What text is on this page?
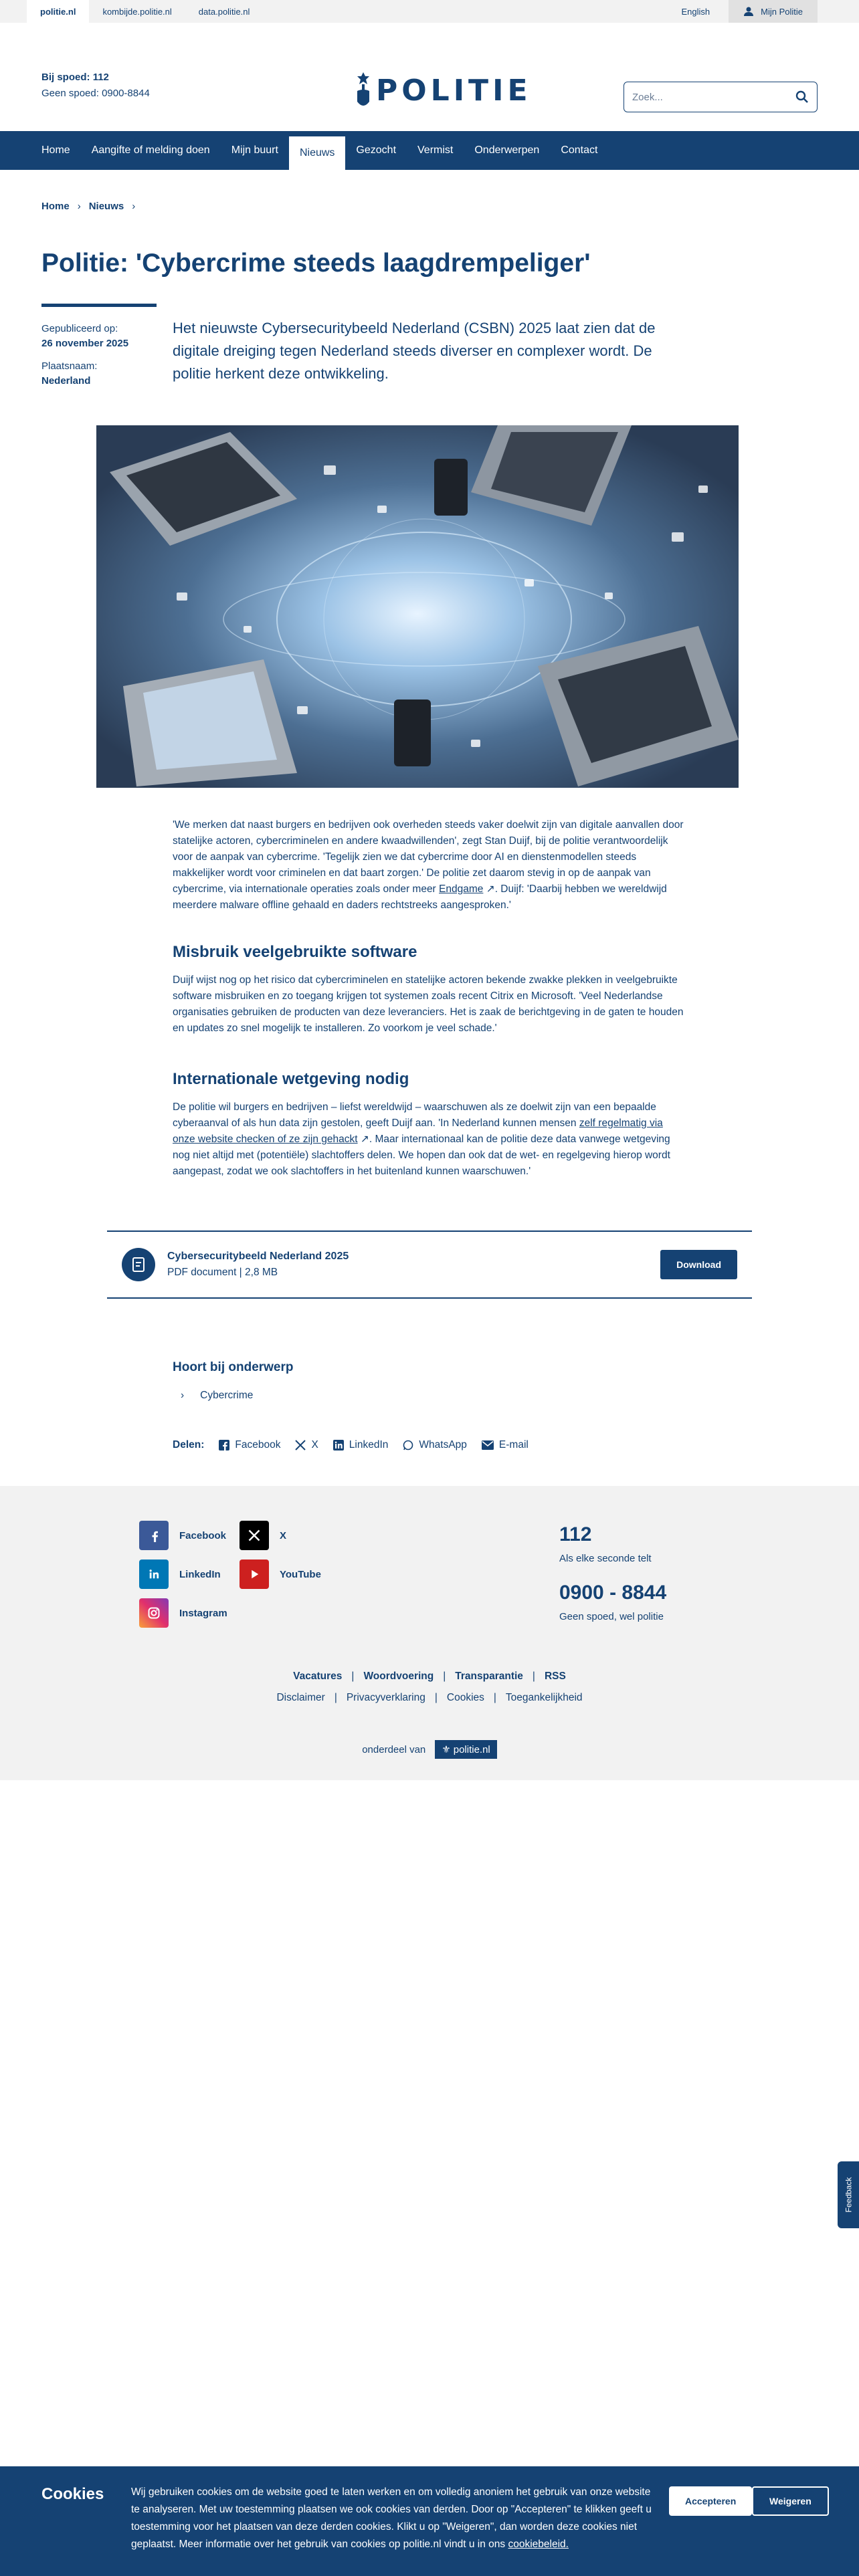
politie.nl	kombijde.politie.nl	data.politie.nl	English	Mijn Politie
Bij spoed: 112
Geen spoed: 0900-8844	POLITIE
Zoek...
Home	Aangifte of melding doen	Mijn buurt	Nieuws	Gezocht	Vermist	Onderwerpen	Contact
Home › Nieuws ›
Politie: 'Cybercrime steeds laagdrempeliger'
Gepubliceerd op:
26 november 2025
Plaatsnaam:
Nederland

Het nieuwste Cybersecuritybeeld Nederland (CSBN) 2025 laat zien dat de digitale dreiging tegen Nederland steeds diverser en complexer wordt. De politie herkent deze ontwikkeling.

'We merken dat naast burgers en bedrijven ook overheden steeds vaker doelwit zijn van digitale aanvallen door statelijke actoren, cybercriminelen en andere kwaadwillenden', zegt Stan Duijf, bij de politie verantwoordelijk voor de aanpak van cybercrime. 'Tegelijk zien we dat cybercrime door AI en dienstenmodellen steeds makkelijker wordt voor criminelen en dat baart zorgen.' De politie zet daarom stevig in op de aanpak van cybercrime, via internationale operaties zoals onder meer Endgame ↗. Duijf: 'Daarbij hebben we wereldwijd meerdere malware offline gehaald en daders rechtstreeks aangesproken.'
Misbruik veelgebruikte software

Duijf wijst nog op het risico dat cybercriminelen en statelijke actoren bekende zwakke plekken in veelgebruikte software misbruiken en zo toegang krijgen tot systemen zoals recent Citrix en Microsoft. 'Veel Nederlandse organisaties gebruiken de producten van deze leveranciers. Het is zaak de berichtgeving in de gaten te houden en updates zo snel mogelijk te installeren. Zo voorkom je veel schade.'

Internationale wetgeving nodig

De politie wil burgers en bedrijven – liefst wereldwijd – waarschuwen als ze doelwit zijn van een bepaalde cyberaanval of als hun data zijn gestolen, geeft Duijf aan. 'In Nederland kunnen mensen zelf regelmatig via onze website checken of ze zijn gehackt ↗. Maar internationaal kan de politie deze data vanwege wetgeving nog niet altijd met (potentiële) slachtoffers delen. We hopen dan ook dat de wet- en regelgeving hierop wordt aangepast, zodat we ook slachtoffers in het buitenland kunnen waarschuwen.'

Cybersecuritybeeld Nederland 2025
PDF document | 2,8 MB
Download
Hoort bij onderwerp
› Cybercrime
Delen:	Facebook	X	LinkedIn	WhatsApp	E-mail
Facebook	X
LinkedIn	YouTube
Instagram
112
Als elke seconde telt
0900 - 8844
Geen spoed, wel politie
Vacatures | Woordvoering | Transparantie | RSS
Disclaimer | Privacyverklaring | Cookies | Toegankelijkheid
onderdeel van ⚜ politie.nl
Feedback
Cookies	Wij gebruiken cookies om de website goed te laten werken en om volledig anoniem het gebruik van onze website te analyseren. Met uw toestemming plaatsen we ook cookies van derden. Door op "Accepteren" te klikken geeft u toestemming voor het plaatsen van deze derden cookies. Klikt u op "Weigeren", dan worden deze cookies niet geplaatst. Meer informatie over het gebruik van cookies op politie.nl vindt u in ons cookiebeleid.

Accepteren	Weigeren
